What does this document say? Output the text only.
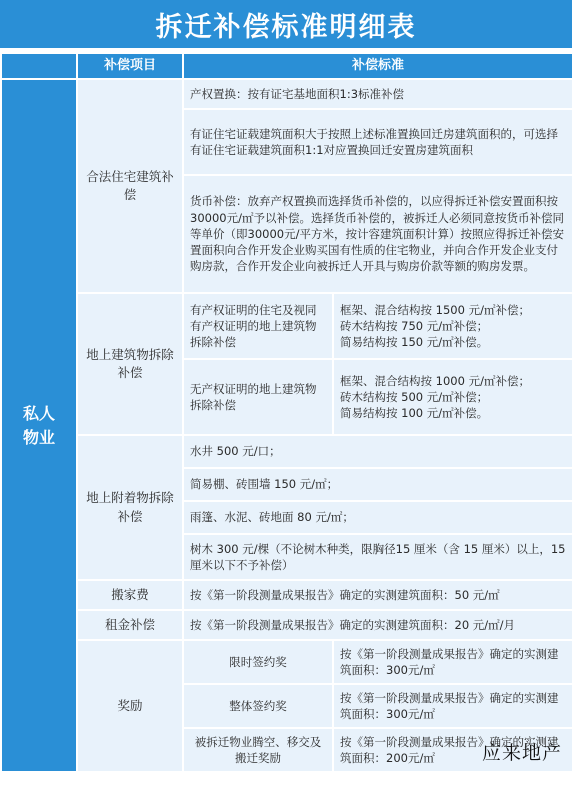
拆迁补偿标准明细表
	补偿项目	补偿标准	

私人物业	合法住宅建筑补偿	产权置换：按有证宅基地面积1:3标准补偿	
		有证住宅证载建筑面积大于按照上述标准置换回迁房建筑面积的，可选择有证住宅证载建筑面积1:1对应置换回迁安置房建筑面积	
		货币补偿：放弃产权置换而选择货币补偿的，以应得拆迁补偿安置面积按30000元/㎡予以补偿。选择货币补偿的，被拆迁人必须同意按货币补偿同等单价（即30000元/平方米，按计容建筑面积计算）按照应得拆迁补偿安置面积向合作开发企业购买国有性质的住宅物业，并向合作开发企业支付购房款，合作开发企业向被拆迁人开具与购房价款等额的购房发票。	
	地上建筑物拆除补偿	有产权证明的住宅及视同有产权证明的地上建筑物拆除补偿	框架、混合结构按 1500 元/㎡补偿；
砖木结构按 750 元/㎡补偿；
简易结构按 150 元/㎡补偿。

		无产权证明的地上建筑物拆除补偿	框架、混合结构按 1000 元/㎡补偿；
砖木结构按 500 元/㎡补偿；
简易结构按 100 元/㎡补偿。

	地上附着物拆除补偿	水井 500 元/口；	
		简易棚、砖围墙 150 元/㎡；	
		雨篷、水泥、砖地面 80 元/㎡；	
		树木 300 元/棵（不论树木种类，限胸径15 厘米（含 15 厘米）以上，15 厘米以下不予补偿）	
	搬家费	按《第一阶段测量成果报告》确定的实测建筑面积：50 元/㎡	
	租金补偿	按《第一阶段测量成果报告》确定的实测建筑面积：20 元/㎡/月	
	奖励	限时签约奖	按《第一阶段测量成果报告》确定的实测建筑面积：300元/㎡
		整体签约奖	按《第一阶段测量成果报告》确定的实测建筑面积：300元/㎡
		被拆迁物业腾空、移交及搬迁奖励	按《第一阶段测量成果报告》确定的实测建筑面积：200元/㎡ 应来地产
